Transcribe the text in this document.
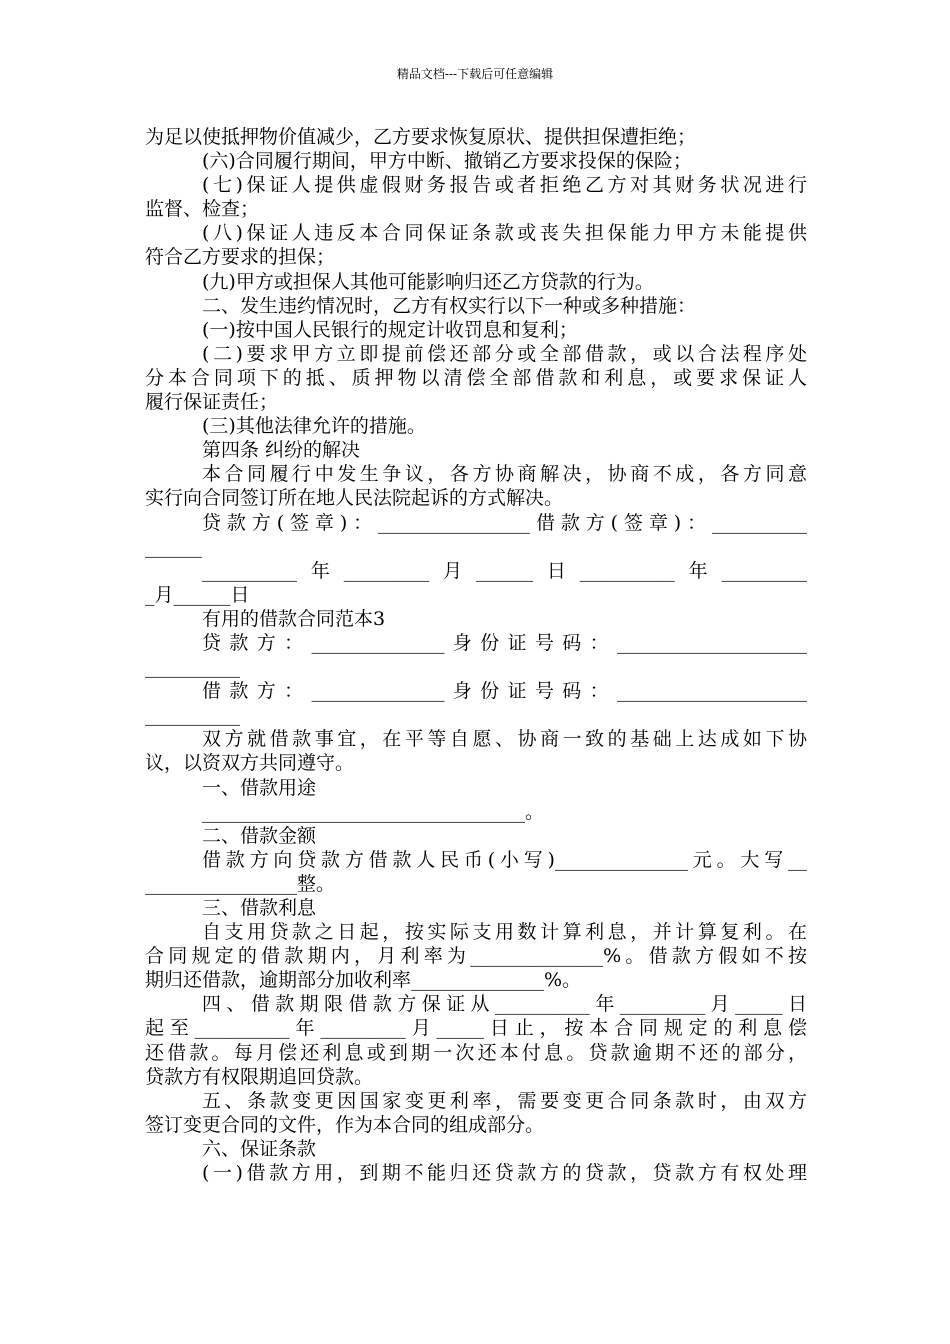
精品文档---下载后可任意编辑
为足以使抵押物价值减少，乙方要求恢复原状、提供担保遭拒绝；
(六)合同履行期间，甲方中断、撤销乙方要求投保的保险；
(七)保证人提供虚假财务报告或者拒绝乙方对其财务状况进行
监督、检查；
(八)保证人违反本合同保证条款或丧失担保能力甲方未能提供
符合乙方要求的担保；
(九)甲方或担保人其他可能影响归还乙方贷款的行为。
二、发生违约情况时，乙方有权实行以下一种或多种措施：
(一)按中国人民银行的规定计收罚息和复利；
(二)要求甲方立即提前偿还部分或全部借款，或以合法程序处
分本合同项下的抵、质押物以清偿全部借款和利息，或要求保证人
履行保证责任；
(三)其他法律允许的措施。
第四条 纠纷的解决
本合同履行中发生争议，各方协商解决，协商不成，各方同意
实行向合同签订所在地人民法院起诉的方式解决。
贷款方(签章)：________________借款方(签章)：__________
______
__________年_________月______日__________年_________
_月______日
有用的借款合同范本3
贷款方：______________身份证号码：____________________
__________
借款方：______________身份证号码：____________________
__________
双方就借款事宜，在平等自愿、协商一致的基础上达成如下协
议，以资双方共同遵守。
一、借款用途
__________________________________。
二、借款金额
借款方向贷款方借款人民币(小写)______________元。大写__
________________整。
三、借款利息
自支用贷款之日起，按实际支用数计算利息，并计算复利。在
合同规定的借款期内，月利率为______________%。借款方假如不按
期归还借款，逾期部分加收利率______________%。
四、借款期限借款方保证从__________年_________月_____日
起至__________年_________月_____日止，按本合同规定的利息偿
还借款。每月偿还利息或到期一次还本付息。贷款逾期不还的部分，
贷款方有权限期追回贷款。
五、条款变更因国家变更利率，需要变更合同条款时，由双方
签订变更合同的文件，作为本合同的组成部分。
六、保证条款
(一)借款方用，到期不能归还贷款方的贷款，贷款方有权处理
